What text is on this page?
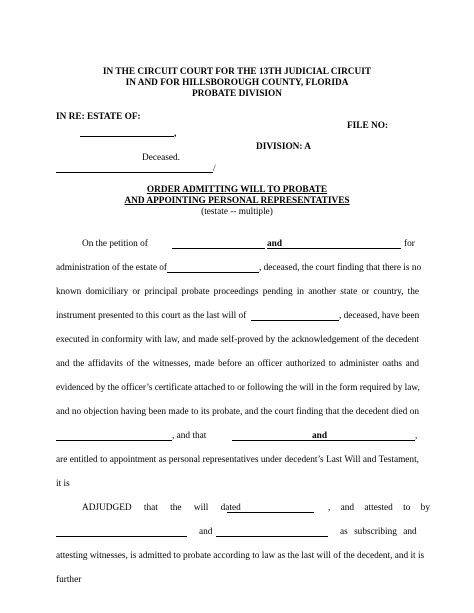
IN THE CIRCUIT COURT FOR THE 13TH JUDICIAL CIRCUIT
IN AND FOR HILLSBOROUGH COUNTY, FLORIDA
PROBATE DIVISION
IN RE: ESTATE OF:
FILE NO:
,
DIVISION: A
Deceased.
/
ORDER ADMITTING WILL TO PROBATE
AND APPOINTING PERSONAL REPRESENTATIVES
(testate -- multiple)
On the petition of	and	for
administration of the estate of	, deceased, the court finding that there is no
known domiciliary or principal probate proceedings pending in another state or country, the
instrument presented to this court as the last will of	, deceased, have been
executed in conformity with law, and made self-proved by the acknowledgement of the decedent
and the affidavits of the witnesses, made before an officer authorized to administer oaths and
evidenced by the officer’s certificate attached to or following the will in the form required by law,
and no objection having been made to its probate, and the court finding that the decedent died on
, and that	and	,
are entitled to appointment as personal representatives under decedent’s Last Will and Testament,
it is
ADJUDGED that the will dated	, and attested to by
and	as subscribing and
attesting witnesses, is admitted to probate according to law as the last will of the decedent, and it is
further
